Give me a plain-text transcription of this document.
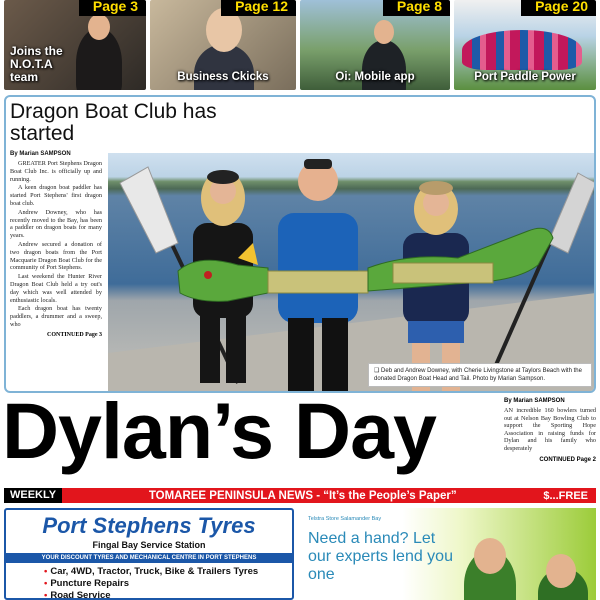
Page 3
Joins the N.O.T.A team
Page 12
Business Ckicks
Page 8
Oi: Mobile app
Page 20
Port Paddle Power
Dragon Boat Club has started
By Marian SAMPSON

GREATER Port Stephens Dragon Boat Club Inc. is officially up and running.

A keen dragon boat paddler has started Port Stephens' first dragon boat club.

Andrew Downey, who has recently moved to the Bay, has been a paddler on dragon boats for many years.

Andrew secured a donation of two dragon boats from the Port Macquarie Dragon Boat Club for the community of Port Stephens.

Last weekend the Hunter River Dragon Boat Club held a try out's day which was well attended by enthusiastic locals.

Each dragon boat has twenty paddlers, a drummer and a sweep, who

CONTINUED Page 3
❑ Deb and Andrew Downey, with Cherie Livingstone at Taylors Beach with the donated Dragon Boat Head and Tail. Photo by Marian Sampson.
Dylan’s Day	By Marian SAMPSON
AN incredible 160 bowlers turned out at Nelson Bay Bowling Club to support the Sporting Hope Association in raising funds for Dylan and his family who desperately
CONTINUED Page 2
WEEKLY	TOMAREE PENINSULA NEWS - “It’s the People’s Paper”	$...FREE
Port Stephens Tyres
Fingal Bay Service Station
YOUR DISCOUNT TYRES AND MECHANICAL CENTRE IN PORT STEPHENS
• Car, 4WD, Tractor, Truck, Bike & Trailers Tyres
• Puncture Repairs
• Road Service
Telstra Store Salamander Bay
Need a hand? Let our experts lend you one
